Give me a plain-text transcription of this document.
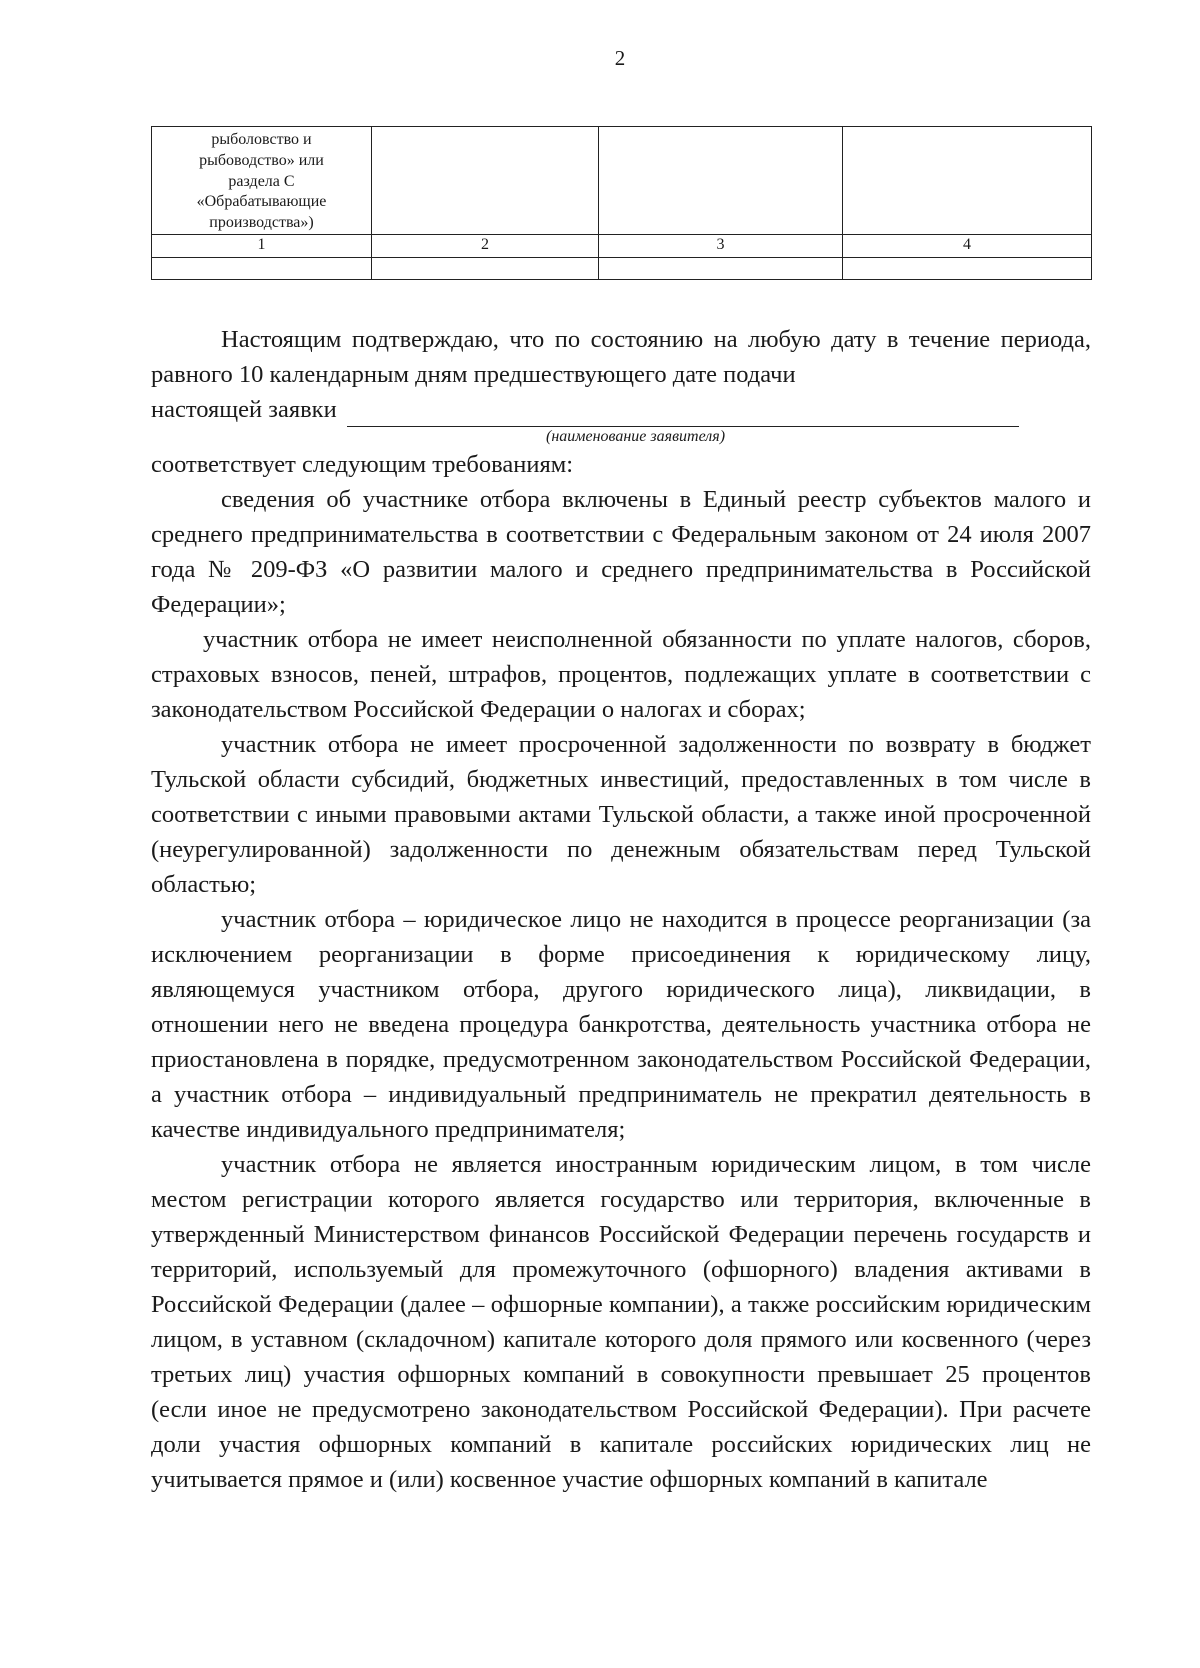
2
рыболовство и
рыбоводство» или
раздела С
«Обрабатывающие
производства»)			

1	2	3	4

Настоящим подтверждаю, что по состоянию на любую дату в течение периода, равного 10 календарным дням предшествующего дате подачи

настоящей заявки
(наименование заявителя)

соответствует следующим требованиям:

сведения об участнике отбора включены в Единый реестр субъектов малого и среднего предпринимательства в соответствии с Федеральным законом от 24 июля 2007 года № 209-ФЗ «О развитии малого и среднего предпринимательства в Российской Федерации»;

участник отбора не имеет неисполненной обязанности по уплате налогов, сборов, страховых взносов, пеней, штрафов, процентов, подлежащих уплате в соответствии с законодательством Российской Федерации о налогах и сборах;

участник отбора не имеет просроченной задолженности по возврату в бюджет Тульской области субсидий, бюджетных инвестиций, предоставленных в том числе в соответствии с иными правовыми актами Тульской области, а также иной просроченной (неурегулированной) задолженности по денежным обязательствам перед Тульской областью;

участник отбора – юридическое лицо не находится в процессе реорганизации (за исключением реорганизации в форме присоединения к юридическому лицу, являющемуся участником отбора, другого юридического лица), ликвидации, в отношении него не введена процедура банкротства, деятельность участника отбора не приостановлена в порядке, предусмотренном законодательством Российской Федерации, а участник отбора – индивидуальный предприниматель не прекратил деятельность в качестве индивидуального предпринимателя;

участник отбора не является иностранным юридическим лицом, в том числе местом регистрации которого является государство или территория, включенные в утвержденный Министерством финансов Российской Федерации перечень государств и территорий, используемый для промежуточного (офшорного) владения активами в Российской Федерации (далее – офшорные компании), а также российским юридическим лицом, в уставном (складочном) капитале которого доля прямого или косвенного (через третьих лиц) участия офшорных компаний в совокупности превышает 25 процентов (если иное не предусмотрено законодательством Российской Федерации). При расчете доли участия офшорных компаний в капитале российских юридических лиц не учитывается прямое и (или) косвенное участие офшорных компаний в капитале
